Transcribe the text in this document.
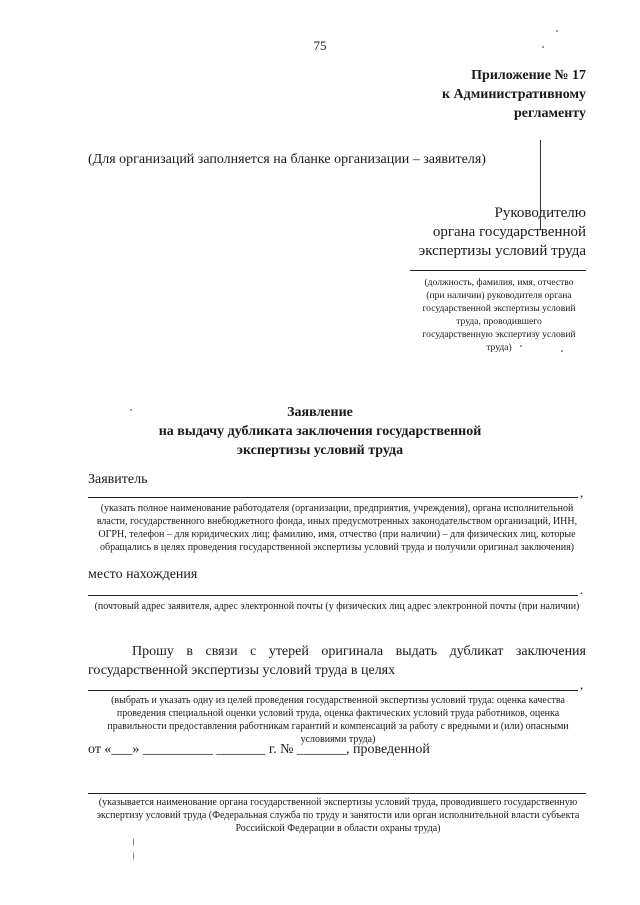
75
Приложение № 17
к Административному
регламенту
(Для организаций заполняется на бланке организации – заявителя)
Руководителю
органа государственной
экспертизы условий труда
(должность, фамилия, имя, отчество
(при наличии) руководителя органа
государственной экспертизы условий
труда, проводившего
государственную экспертизу условий
труда)
Заявление
на выдачу дубликата заключения государственной
экспертизы условий труда
Заявитель
,
(указать полное наименование работодателя (организации, предприятия, учреждения), органа исполнительной власти, государственного внебюджетного фонда, иных предусмотренных законодательством организаций, ИНН, ОГРН, телефон – для юридических лиц; фамилию, имя, отчество (при наличии) – для физических лиц, которые обращались в целях проведения государственной экспертизы условий труда и получили оригинал заключения)
место нахождения
.
(почтовый адрес заявителя, адрес электронной почты (у физических лиц адрес электронной почты (при наличии)
Прошу в связи с утерей оригинала выдать дубликат заключения государственной экспертизы условий труда в целях
,
(выбрать и указать одну из целей проведения государственной экспертизы условий труда: оценка качества проведения специальной оценки условий труда, оценка фактических условий труда работников, оценка правильности предоставления работникам гарантий и компенсаций за работу с вредными и (или) опасными условиями труда)
от «___» __________ _______ г. № _______, проведенной
(указывается наименование органа государственной экспертизы условий труда, проводившего государственную экспертизу условий труда (Федеральная служба по труду и занятости или орган исполнительной власти субъекта Российской Федерации в области охраны труда)
